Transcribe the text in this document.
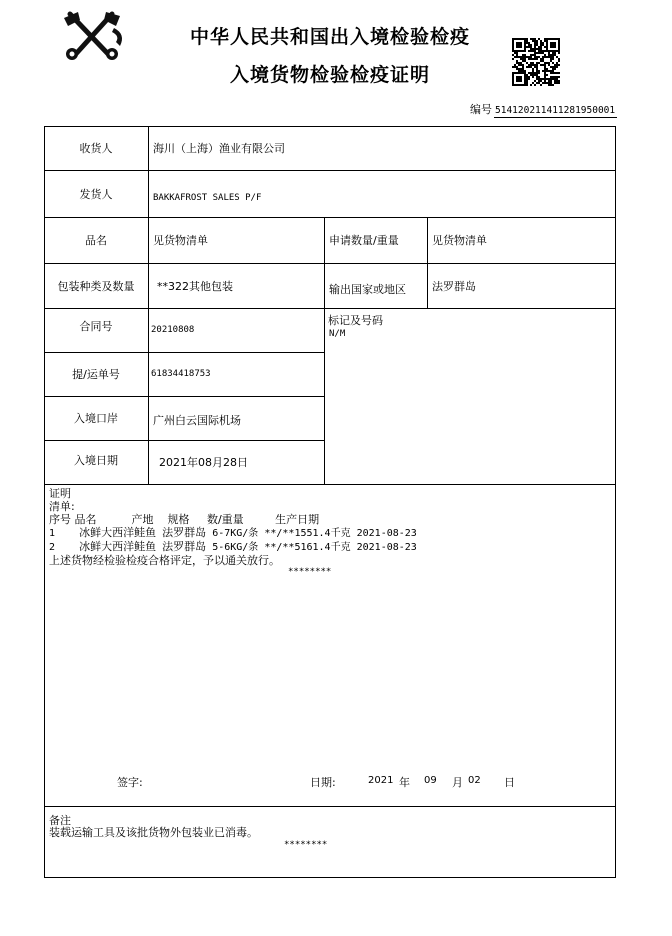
中华人民共和国出入境检验检疫
入境货物检验检疫证明
编号 514120211411281950001
收货人	海川（上海）渔业有限公司
发货人	BAKKAFROST SALES P/F
品名	见货物清单	申请数量/重量	见货物清单
包装种类及数量	**322其他包装	输出国家或地区	法罗群岛
合同号	20210808
标记及号码
N/M
提/运单号	61834418753
入境口岸	广州白云国际机场
入境日期	2021年08月28日
证明
清单:
序号 品名	产地 规格 数/重量	生产日期
1 冰鲜大西洋鲑鱼 法罗群岛 6-7KG/条 **/**1551.4千克 2021-08-23
2 冰鲜大西洋鲑鱼 法罗群岛 5-6KG/条 **/**5161.4千克 2021-08-23
上述货物经检验检疫合格评定，予以通关放行。
********
签字:	日期:	2021 年 09 月 02 日
备注
装载运输工具及该批货物外包装业已消毒。
********
